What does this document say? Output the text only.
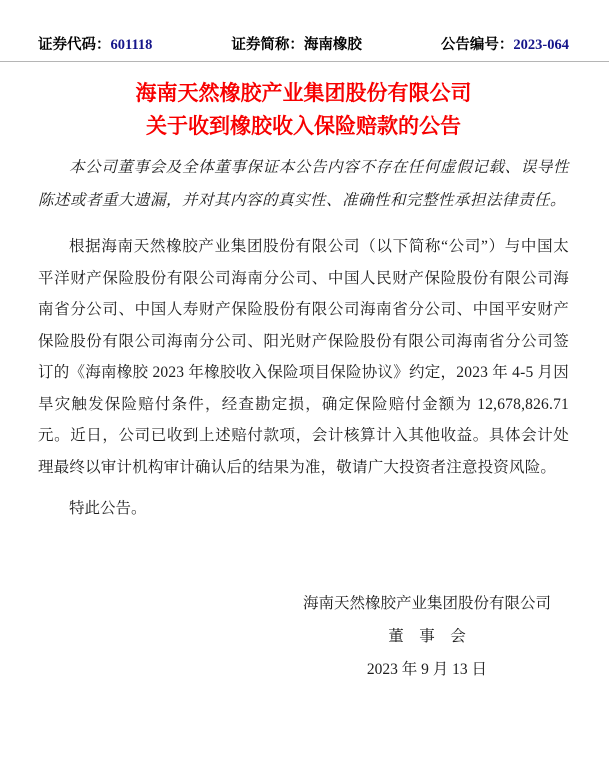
证券代码：601118	证券简称：海南橡胶	公告编号：2023-064
海南天然橡胶产业集团股份有限公司
关于收到橡胶收入保险赔款的公告

本公司董事会及全体董事保证本公告内容不存在任何虚假记载、误导性陈述或者重大遗漏，并对其内容的真实性、准确性和完整性承担法律责任。

根据海南天然橡胶产业集团股份有限公司（以下简称“公司”）与中国太平洋财产保险股份有限公司海南分公司、中国人民财产保险股份有限公司海南省分公司、中国人寿财产保险股份有限公司海南省分公司、中国平安财产保险股份有限公司海南分公司、阳光财产保险股份有限公司海南省分公司签订的《海南橡胶 2023 年橡胶收入保险项目保险协议》约定，2023 年 4-5 月因旱灾触发保险赔付条件，经查勘定损，确定保险赔付金额为 12,678,826.71 元。近日，公司已收到上述赔付款项，会计核算计入其他收益。具体会计处理最终以审计机构审计确认后的结果为准，敬请广大投资者注意投资风险。

特此公告。

海南天然橡胶产业集团股份有限公司
董　事　会
2023 年 9 月 13 日
